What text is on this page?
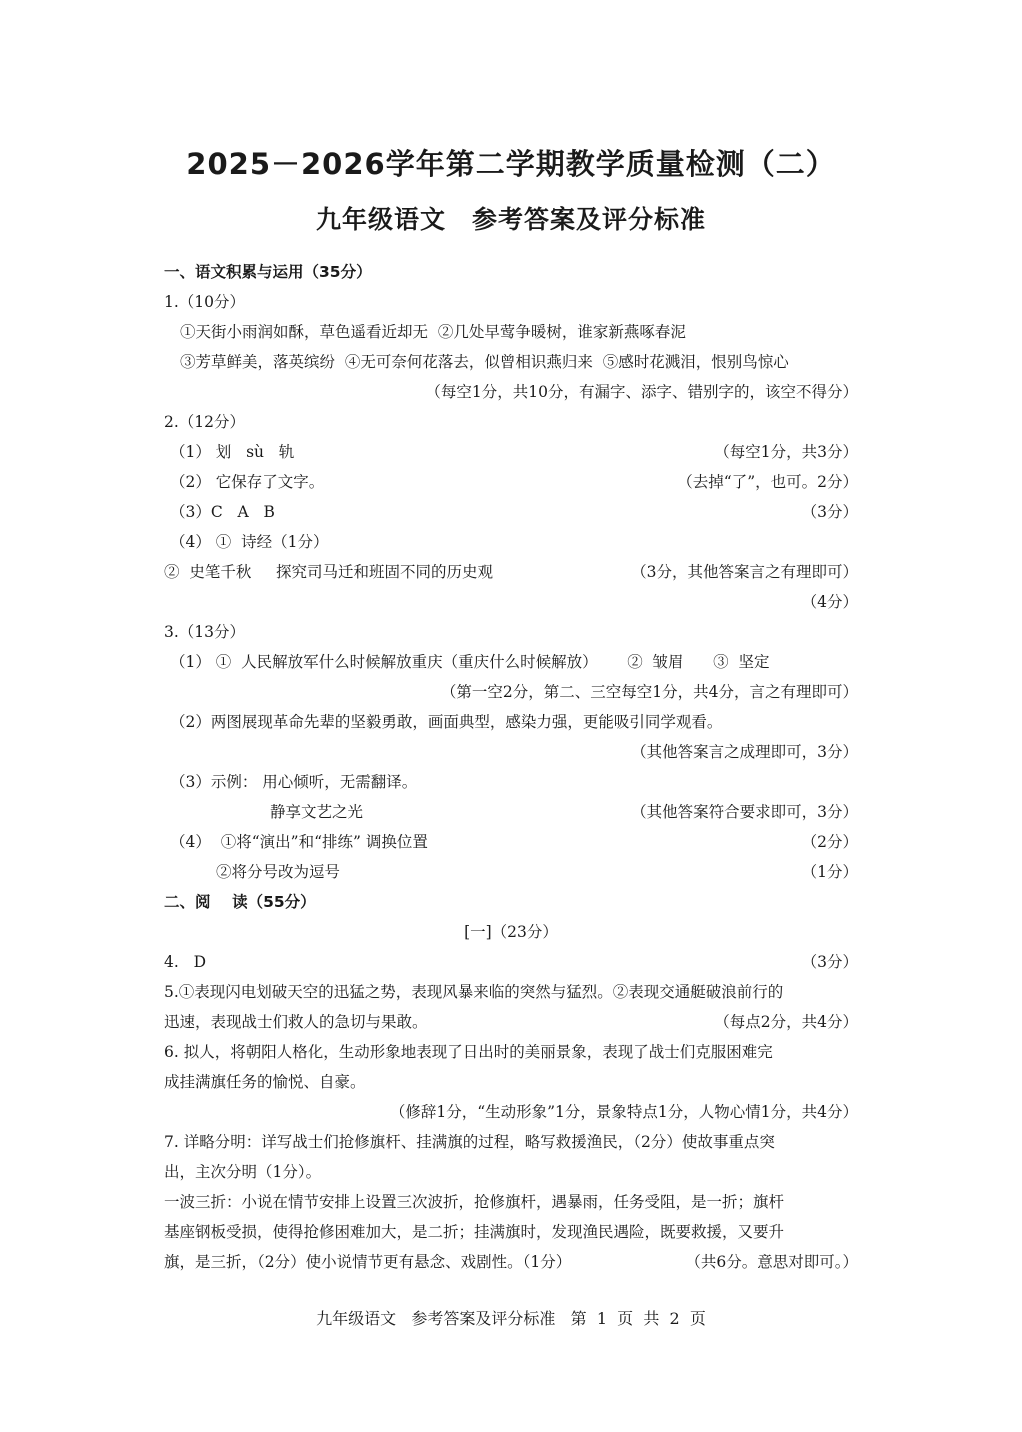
2025－2026学年第二学期教学质量检测（二）
九年级语文　参考答案及评分标准
一、语文积累与运用（35分）
1.（10分）
①天街小雨润如酥，草色遥看近却无  ②几处早莺争暖树，谁家新燕啄春泥
③芳草鲜美，落英缤纷  ④无可奈何花落去，似曾相识燕归来  ⑤感时花溅泪，恨别鸟惊心
（每空1分，共10分，有漏字、添字、错别字的，该空不得分）
2.（12分）

（1） 划   sù   轨

	（每空1分，共3分）

（2） 它保存了文字。

	（去掉“了”，也可。2分）

（3）C   A   B

	（3分）

（4） ①  诗经（1分）

②  史笔千秋     探究司马迁和班固不同的历史观

	（3分，其他答案言之有理即可）

（4分）
3.（13分）
（1） ①  人民解放军什么时候解放重庆（重庆什么时候解放）      ②  皱眉      ③  坚定
（第一空2分，第二、三空每空1分，共4分，言之有理即可）
（2）两图展现革命先辈的坚毅勇敢，画面典型，感染力强，更能吸引同学观看。
（其他答案言之成理即可，3分）
（3）示例： 用心倾听，无需翻译。

静享文艺之光

	（其他答案符合要求即可，3分）

（4）  ①将“演出”和“排练” 调换位置

	（2分）

②将分号改为逗号

	（1分）

二、阅    读（55分）
[一]（23分）

4.   D

	（3分）

5.①表现闪电划破天空的迅猛之势，表现风暴来临的突然与猛烈。②表现交通艇破浪前行的

迅速，表现战士们救人的急切与果敢。

	（每点2分，共4分）

6. 拟人，将朝阳人格化，生动形象地表现了日出时的美丽景象，表现了战士们克服困难完
成挂满旗任务的愉悦、自豪。
（修辞1分，“生动形象”1分，景象特点1分，人物心情1分，共4分）
7. 详略分明：详写战士们抢修旗杆、挂满旗的过程，略写救援渔民，（2分）使故事重点突
出，主次分明（1分）。
一波三折：小说在情节安排上设置三次波折，抢修旗杆，遇暴雨，任务受阻，是一折；旗杆
基座钢板受损，使得抢修困难加大，是二折；挂满旗时，发现渔民遇险，既要救援，又要升

旗，是三折，（2分）使小说情节更有悬念、戏剧性。（1分）

	（共6分。意思对即可。）

九年级语文   参考答案及评分标准   第  1  页  共  2  页
